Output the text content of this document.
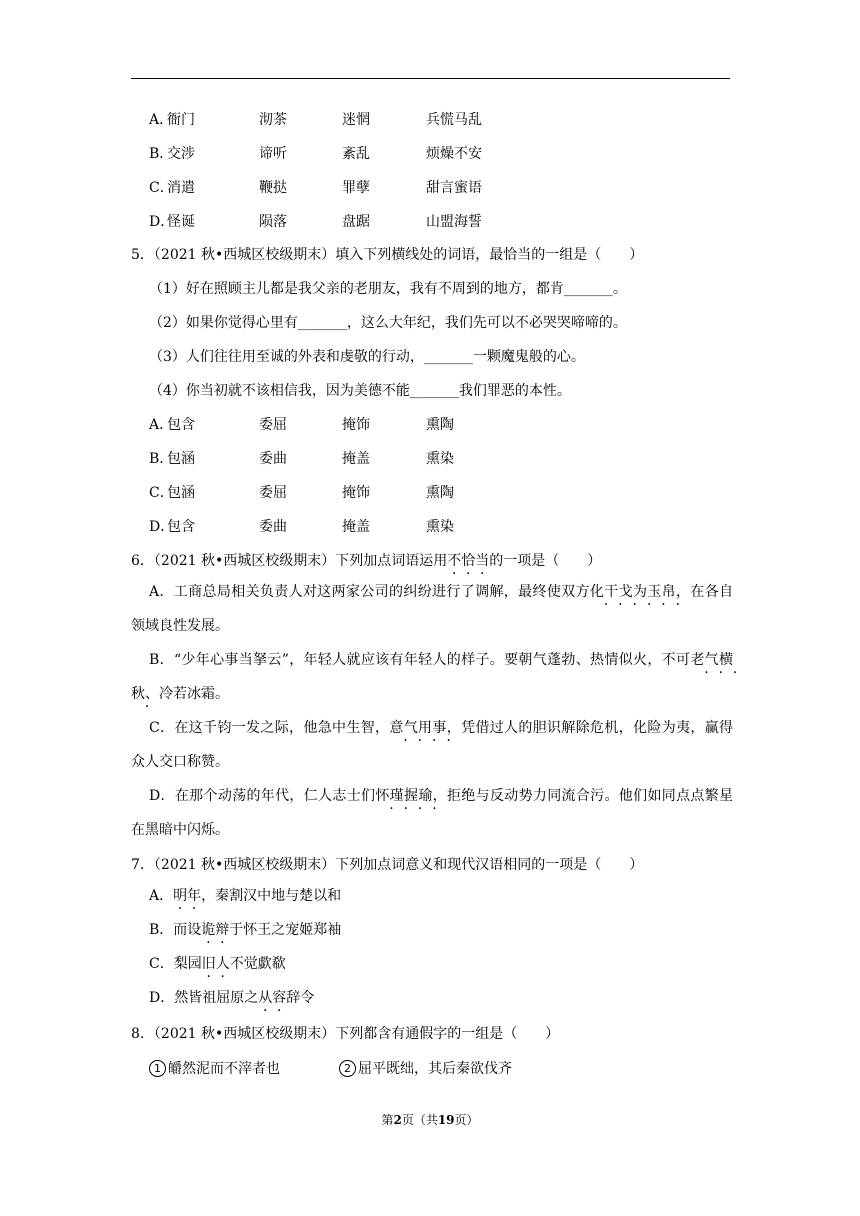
A．
衙门	沏茶	迷惘	兵慌马乱
B．
交涉	谛听	紊乱	烦燥不安
C．
消遣	鞭挞	罪孽	甜言蜜语
D．
怪诞	陨落	盘踞	山盟海誓
5．（2021 秋•西城区校级期末）填入下列横线处的词语，最恰当的一组是（　　）
（1）好在照顾主儿都是我父亲的老朋友，我有不周到的地方，都肯_______。
（2）如果你觉得心里有_______，这么大年纪，我们先可以不必哭哭啼啼的。
（3）人们往往用至诚的外表和虔敬的行动，_______一颗魔鬼般的心。
（4）你当初就不该相信我，因为美德不能_______我们罪恶的本性。
A．
包含	委屈	掩饰	熏陶
B．
包涵	委曲	掩盖	熏染
C．
包涵	委屈	掩饰	熏陶
D．
包含	委曲	掩盖	熏染
6．（2021 秋•西城区校级期末）下列加点词语运用不恰当的一项是（　　）
A．工商总局相关负责人对这两家公司的纠纷进行了调解，最终使双方化干戈为玉帛，在各自领域良性发展。
B．“少年心事当拏云”，年轻人就应该有年轻人的样子。要朝气蓬勃、热情似火，不可老气横秋、冷若冰霜。
C．在这千钧一发之际，他急中生智，意气用事，凭借过人的胆识解除危机，化险为夷，赢得众人交口称赞。
D．在那个动荡的年代，仁人志士们怀瑾握瑜，拒绝与反动势力同流合污。他们如同点点繁星在黑暗中闪烁。
7．（2021 秋•西城区校级期末）下列加点词意义和现代汉语相同的一项是（　　）
A．明年，秦割汉中地与楚以和
B．而设诡辩于怀王之宠姬郑袖
C．梨园旧人不觉歔欷
D．然皆祖屈原之从容辞令
8．（2021 秋•西城区校级期末）下列都含有通假字的一组是（　　）
1 皭然泥而不滓者也	2 屈平既绌，其后秦欲伐齐
第2页（共19页）
